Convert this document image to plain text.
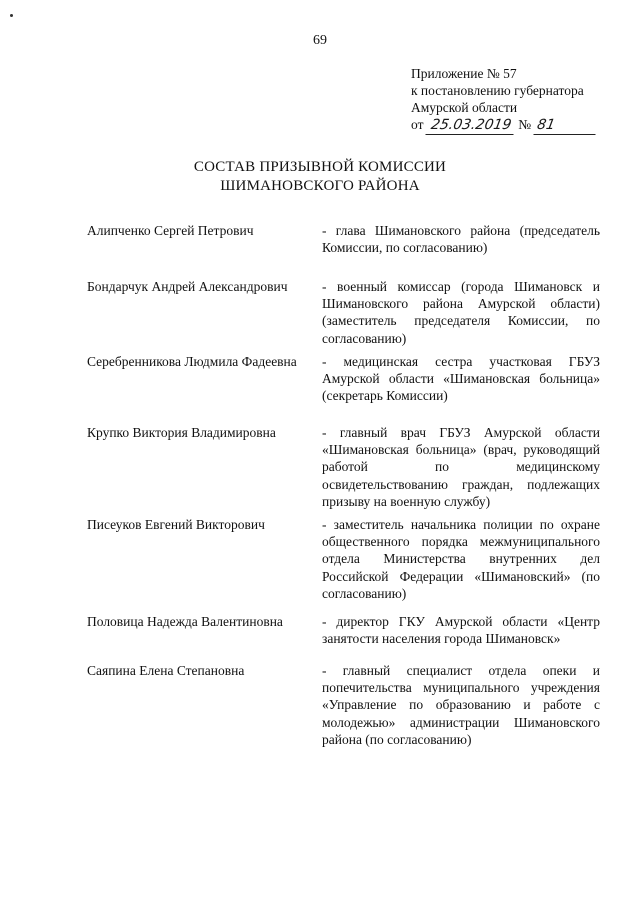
69
Приложение № 57
к постановлению губернатора
Амурской области
от 25.03.2019 № 81
СОСТАВ ПРИЗЫВНОЙ КОМИССИИ
ШИМАНОВСКОГО РАЙОНА
Алипченко Сергей Петрович	- глава Шимановского района (председатель Комиссии, по согласованию)
Бондарчук Андрей Александрович	- военный комиссар (города Шимановск и Шимановского района Амурской области) (заместитель председателя Комиссии, по согласованию)
Серебренникова Людмила Фадеевна	- медицинская сестра участковая ГБУЗ Амурской области «Шимановская больница» (секретарь Комиссии)
Крупко Виктория Владимировна	- главный врач ГБУЗ Амурской области «Шимановская больница» (врач, руководящий работой по медицинскому освидетельствованию граждан, подлежащих призыву на военную службу)
Писеуков Евгений Викторович	- заместитель начальника полиции по охране общественного порядка межмуниципального отдела Министерства внутренних дел Российской Федерации «Шимановский» (по согласованию)
Половица Надежда Валентиновна	- директор ГКУ Амурской области «Центр занятости населения города Шимановск»
Саяпина Елена Степановна	- главный специалист отдела опеки и попечительства муниципального учреждения «Управление по образованию и работе с молодежью» администрации Шимановского района (по согласованию)
